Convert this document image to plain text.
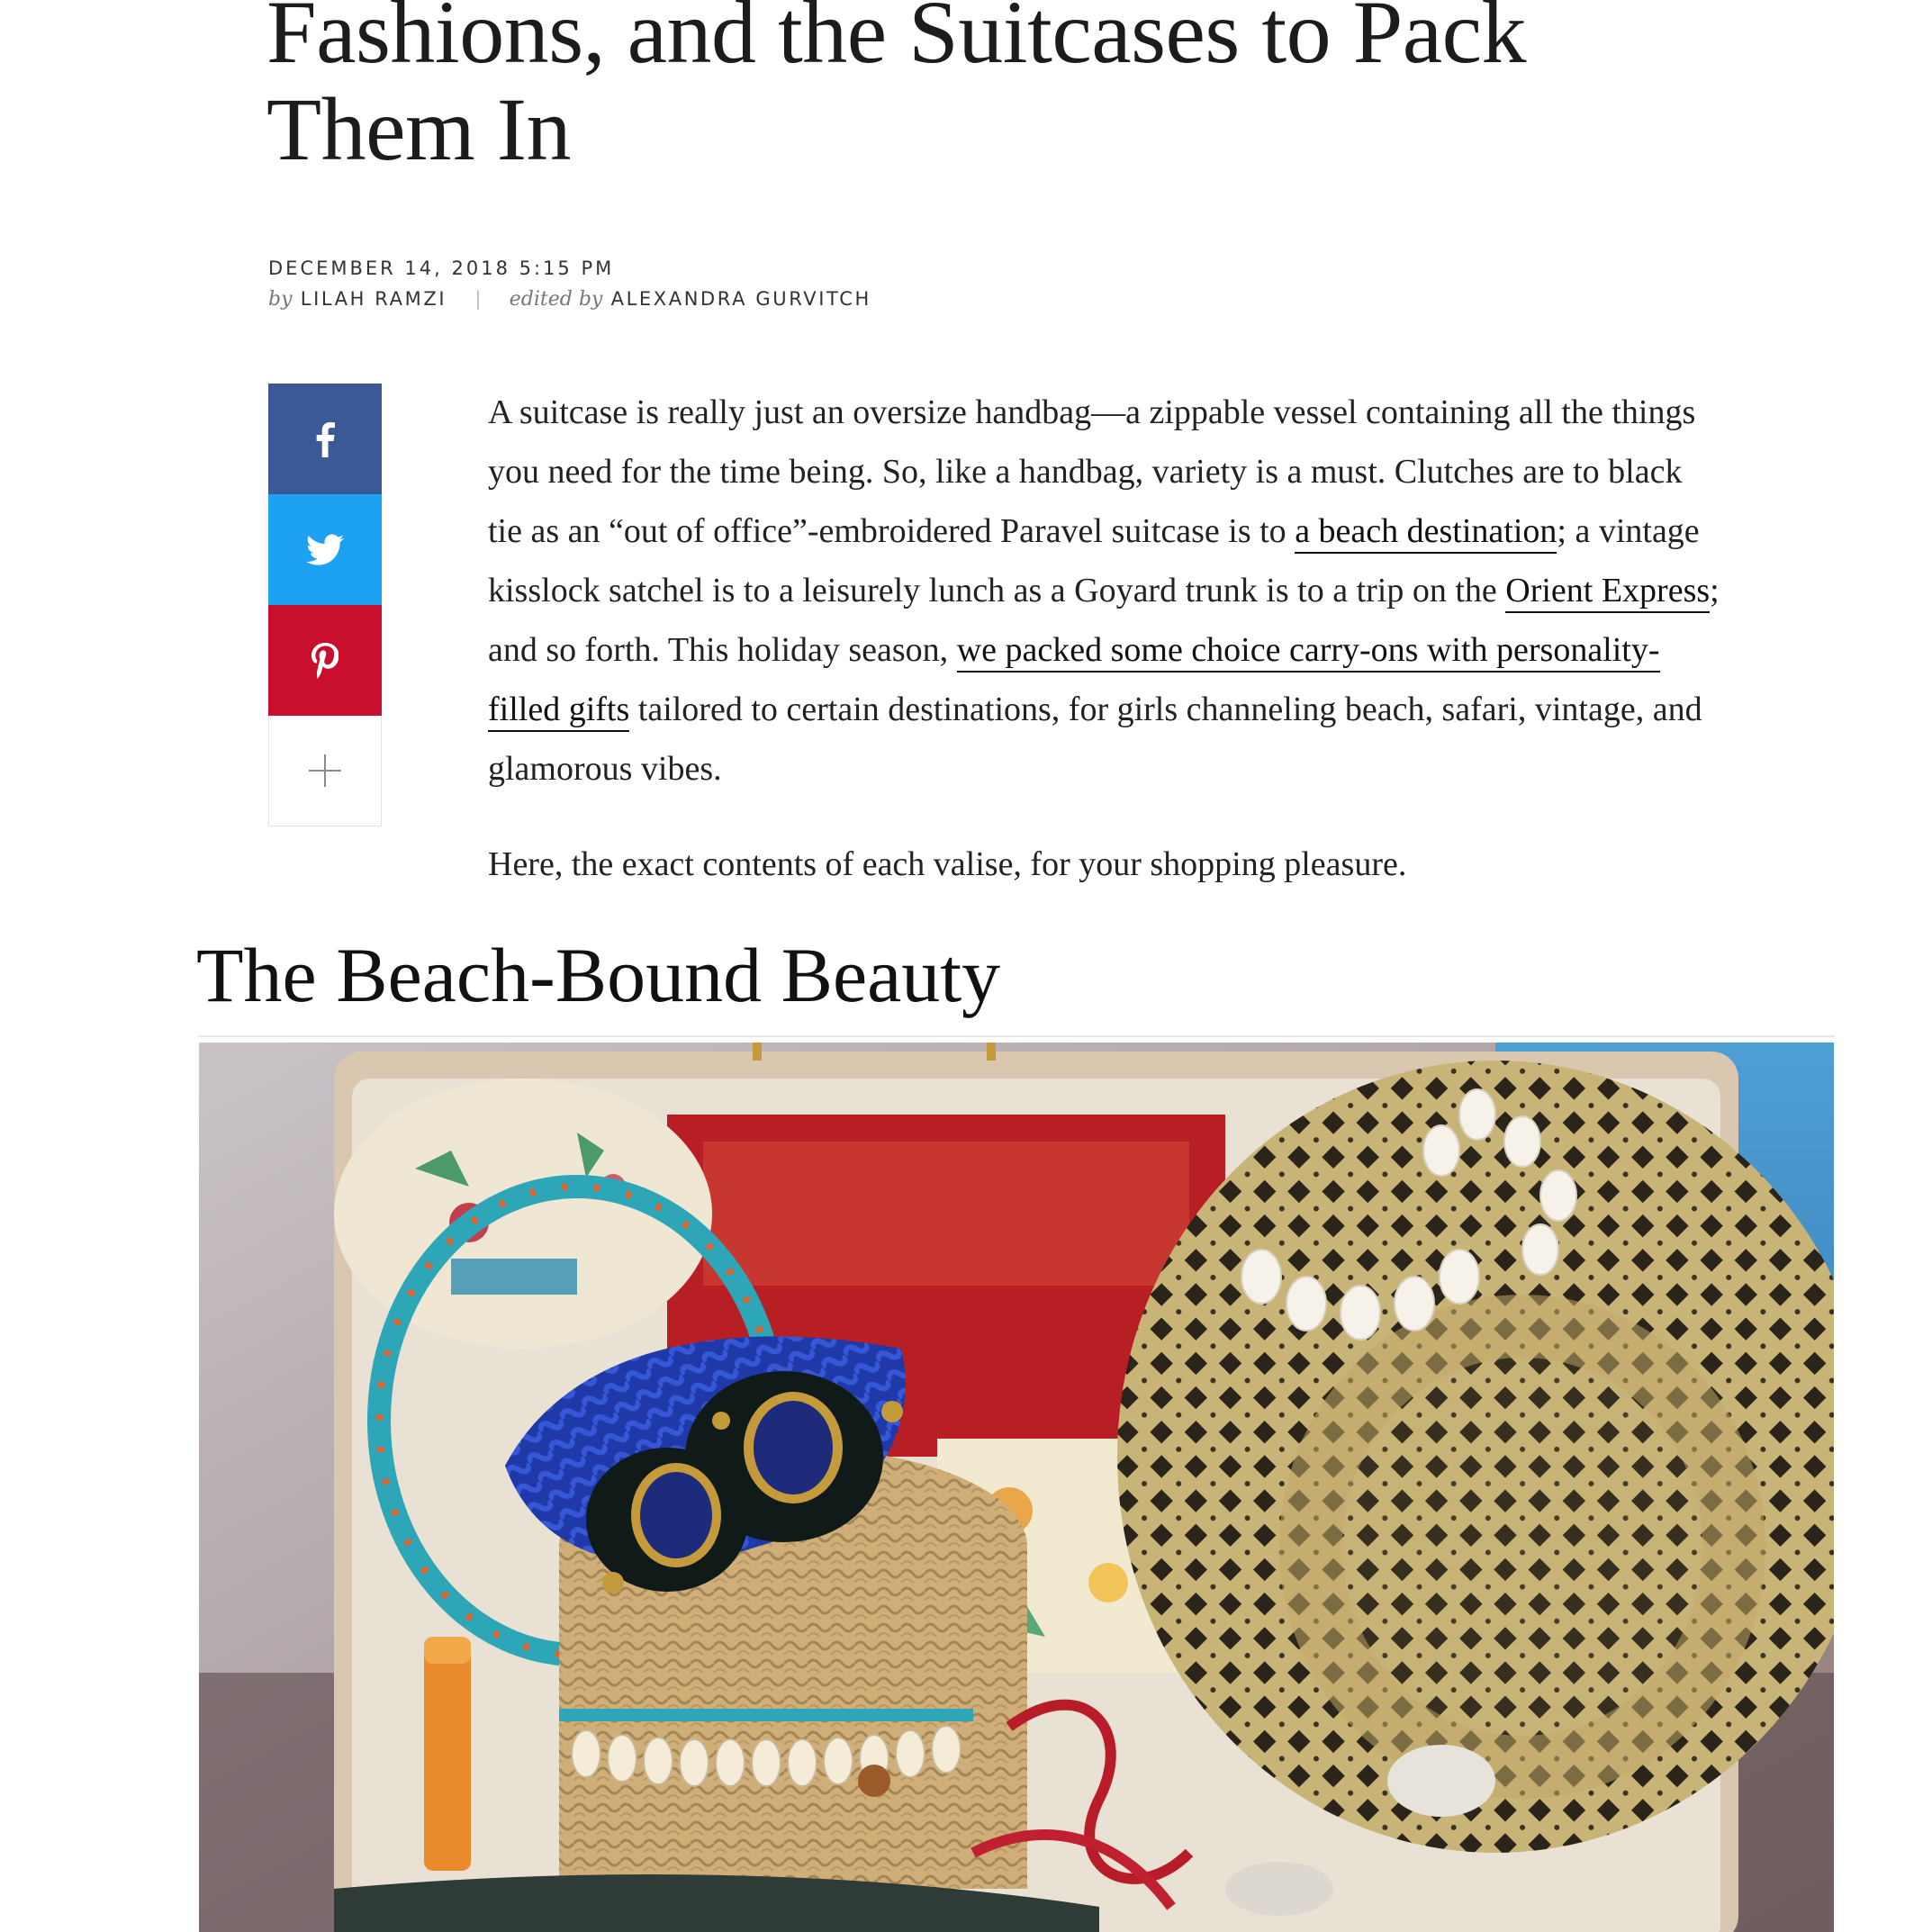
Fashions, and the Suitcases to Pack Them In
DECEMBER 14, 2018 5:15 PM
by LILAH RAMZI | edited by ALEXANDRA GURVITCH

A suitcase is really just an oversize handbag—a zippable vessel containing all the things you need for the time being. So, like a handbag, variety is a must. Clutches are to black tie as an “out of office”-embroidered Paravel suitcase is to a beach destination; a vintage kisslock satchel is to a leisurely lunch as a Goyard trunk is to a trip on the Orient Express; and so forth. This holiday season, we packed some choice carry-ons with personality-filled gifts tailored to certain destinations, for girls channeling beach, safari, vintage, and glamorous vibes.

Here, the exact contents of each valise, for your shopping pleasure.

The Beach-Bound Beauty
